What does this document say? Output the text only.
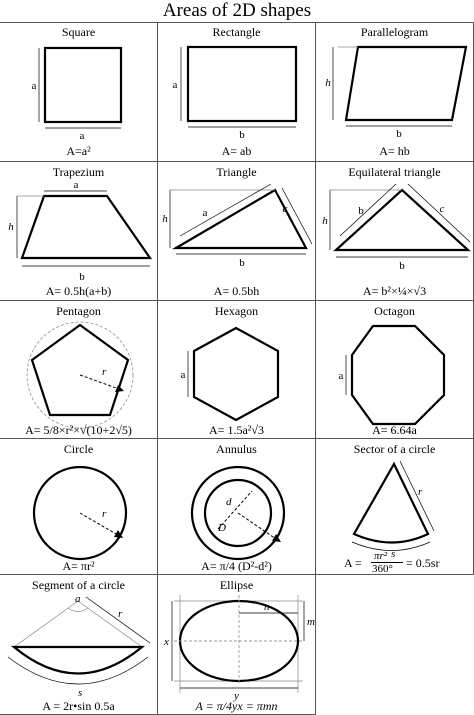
Areas of 2D shapes
Square
a
a
A=a²
Rectangle
a
b
A= ab
Parallelogram
h
b
A= hb
Trapezium
a
h
b
A= 0.5h(a+b)
Triangle
h	a	c
b
A= 0.5bh
Equilateral triangle
h
b	c
b
A= b²×¼×√3
Pentagon
r
A= 5/8×r²×√(10+2√5)
Hexagon
a
A= 1.5a²√3
Octagon
a
A= 6.64a
Circle
r
A= πr²
Annulus
d
D
A= π/4 (D²-d²)
Sector of a circle
r
s
A = πr²
360° = 0.5sr
Segment of a circle
a
r
s
A = 2r•sin 0.5a
Ellipse
n
m
x
y
A = π/4yx = πmn
